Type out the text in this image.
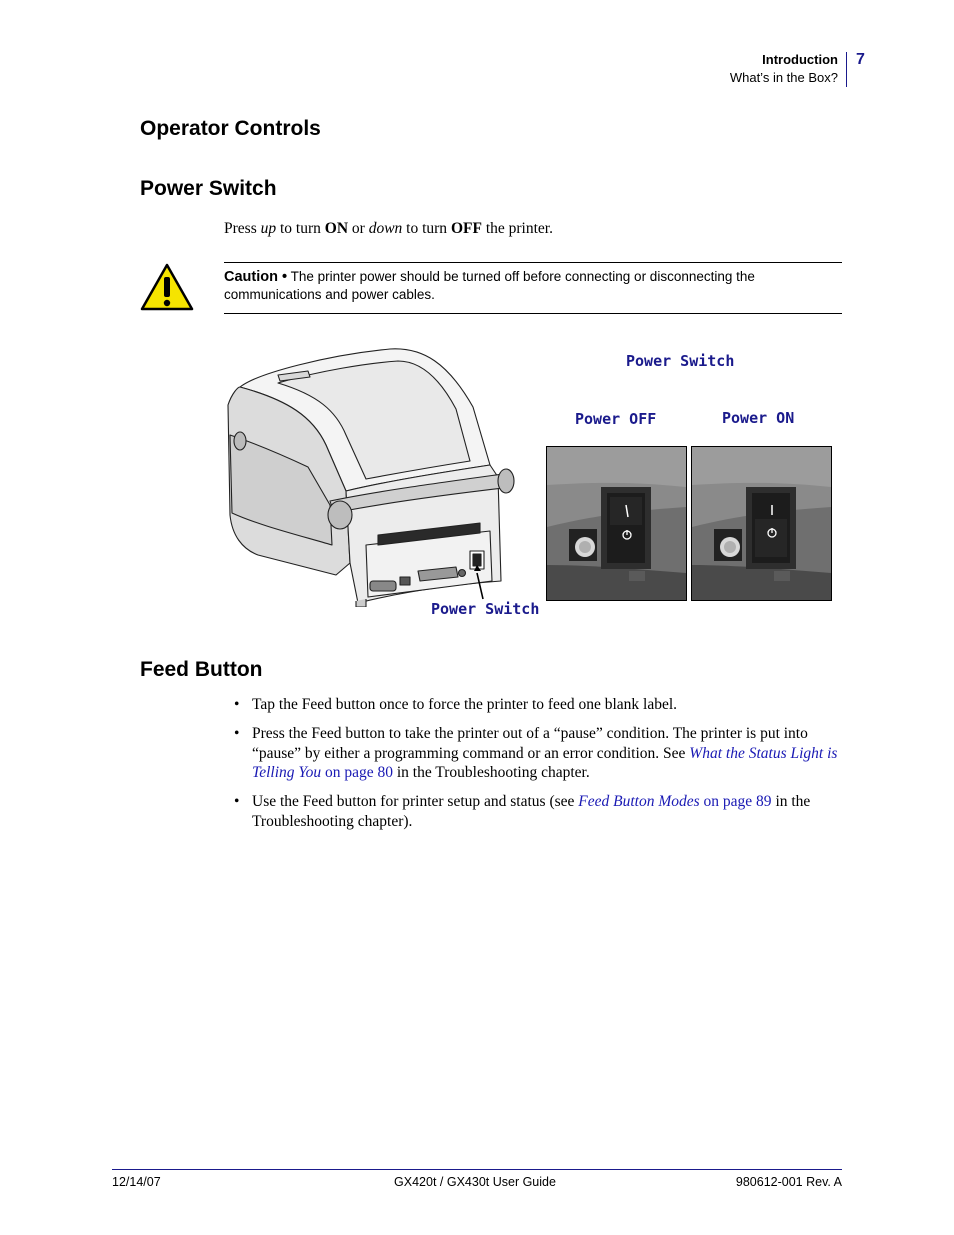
Introduction
What’s in the Box?
7
Operator Controls
Power Switch
Press up to turn ON or down to turn OFF the printer.
Caution • The printer power should be turned off before connecting or disconnecting the communications and power cables.
Power Switch
Power OFF	Power ON
Power Switch
Feed Button
• Tap the Feed button once to force the printer to feed one blank label.
• Press the Feed button to take the printer out of a “pause” condition. The printer is put into “pause” by either a programming command or an error condition. See What the Status Light is Telling You on page 80 in the Troubleshooting chapter.
• Use the Feed button for printer setup and status (see Feed Button Modes on page 89 in the Troubleshooting chapter).
12/14/07	GX420t / GX430t User Guide	980612-001 Rev. A
